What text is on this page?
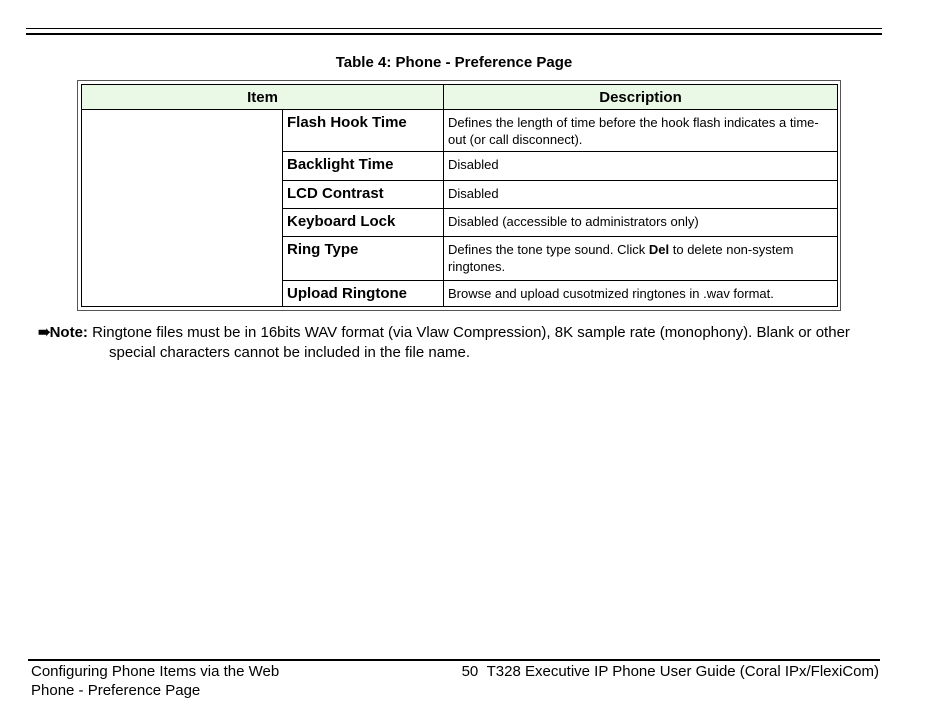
Table 4: Phone - Preference Page
Item		Description
	Flash Hook Time	Defines the length of time before the hook flash indicates a time-out (or call disconnect).
	Backlight Time	Disabled
	LCD Contrast	Disabled
	Keyboard Lock	Disabled (accessible to administrators only)
	Ring Type	Defines the tone type sound. Click Del to delete non-system ringtones.
	Upload Ringtone	Browse and upload cusotmized ringtones in .wav format.
➠Note: Ringtone files must be in 16bits WAV format (via Vlaw Compression), 8K sample rate (monophony). Blank or other special characters cannot be included in the file name.
Configuring Phone Items via the Web
Phone - Preference Page
50 T328 Executive IP Phone User Guide (Coral IPx/FlexiCom)
